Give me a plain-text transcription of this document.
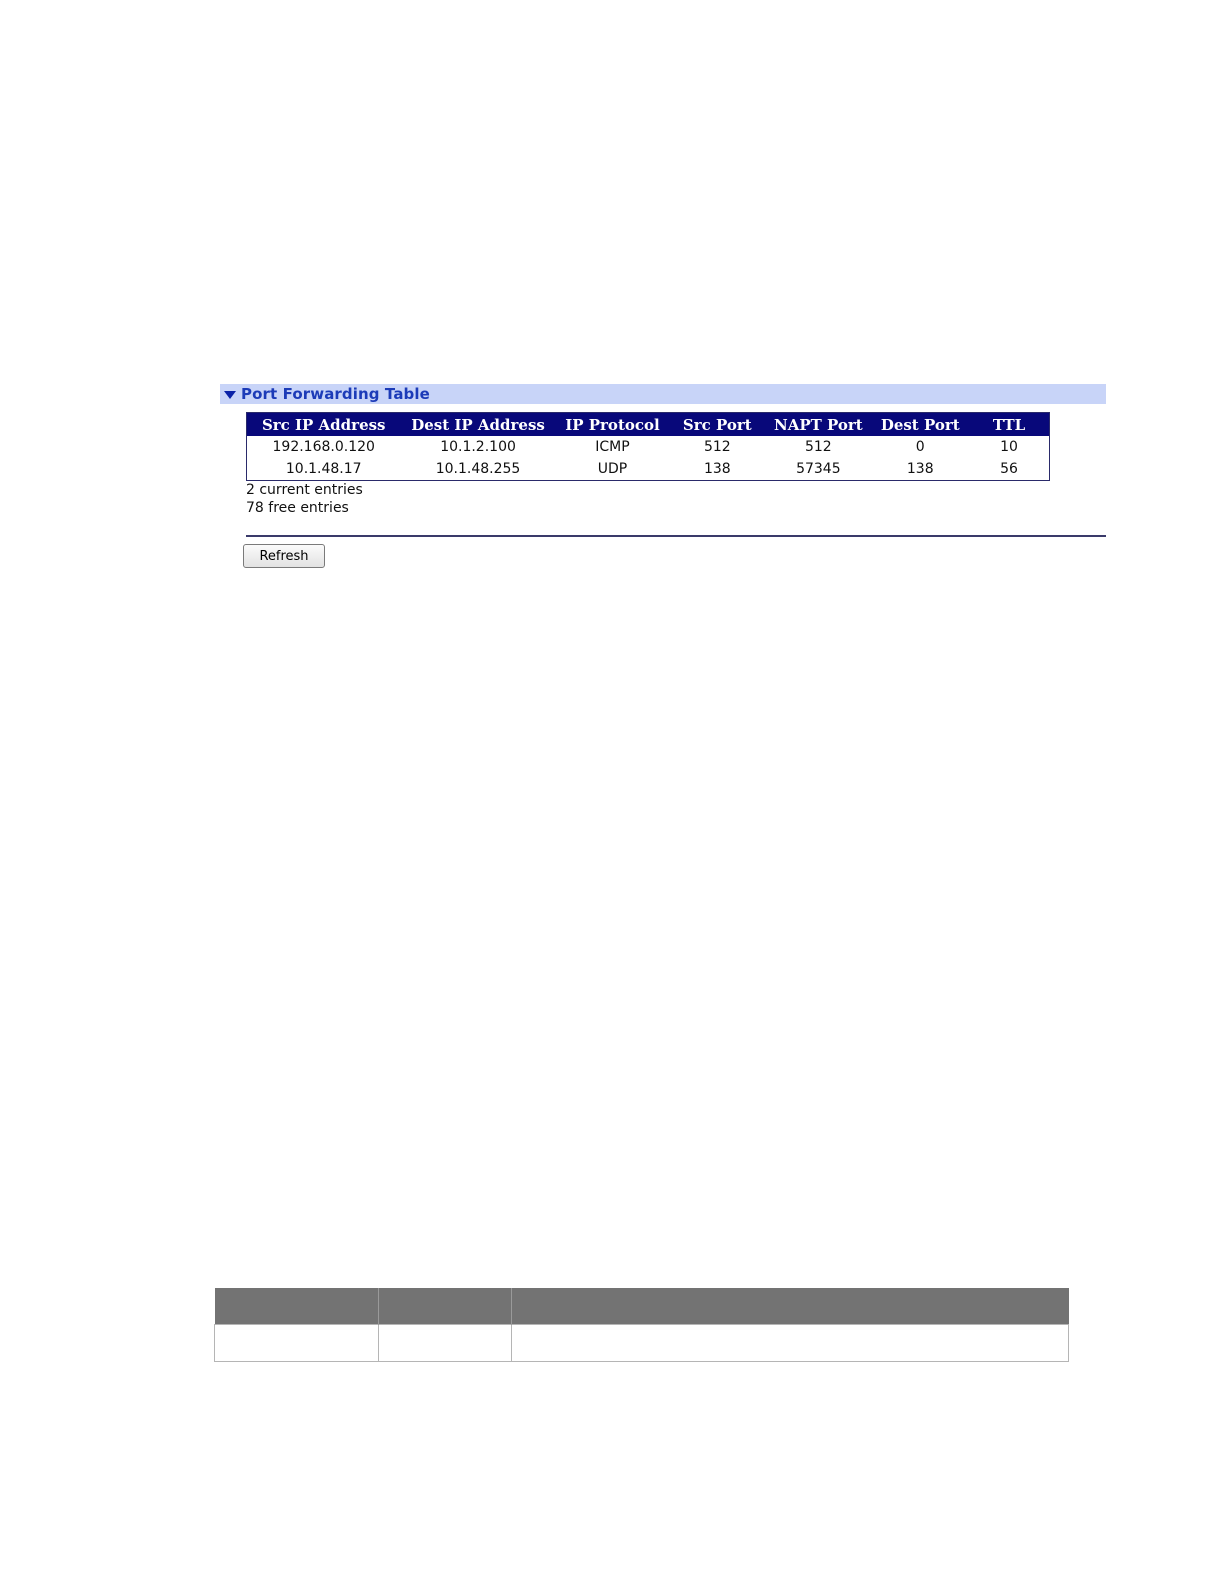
Port Forwarding Table
Src IP Address	Dest IP Address	IP Protocol	Src Port	NAPT Port	Dest Port	TTL
192.168.0.120	10.1.2.100	ICMP	512	512	0	10
10.1.48.17	10.1.48.255	UDP	138	57345	138	56
2 current entries
78 free entries
Refresh
